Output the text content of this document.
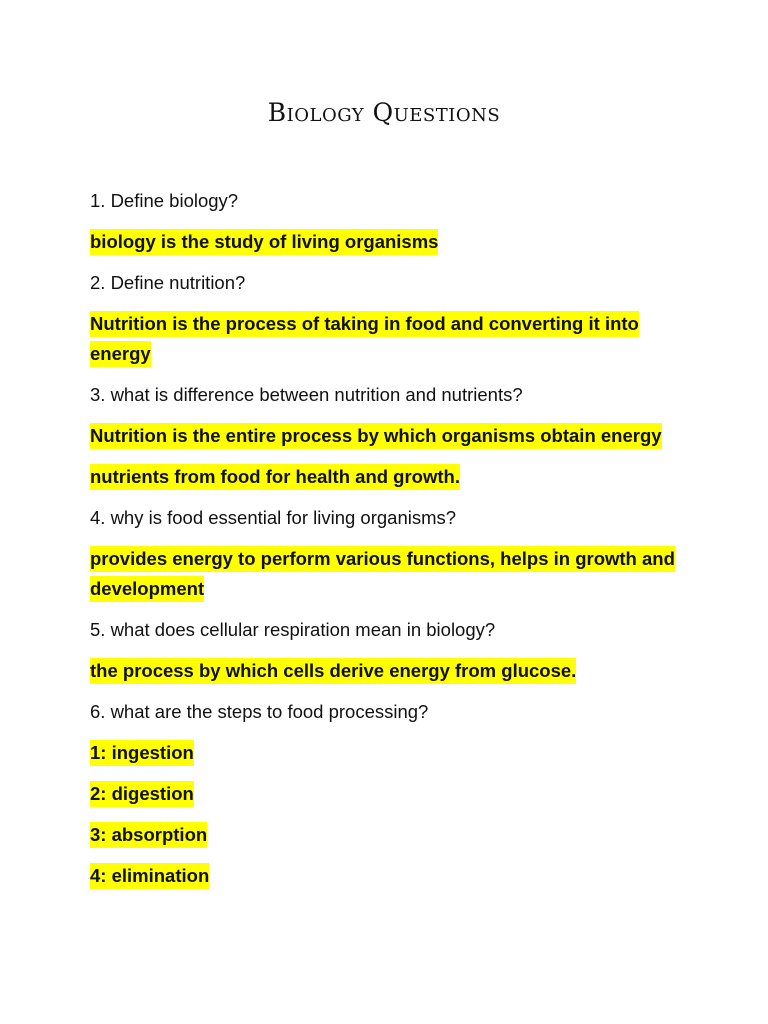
Biology Questions

1. Define biology?

biology is the study of living organisms

2. Define nutrition?

Nutrition is the process of taking in food and converting it into energy

3. what is difference between nutrition and nutrients?

Nutrition is the entire process by which organisms obtain energy

nutrients from food for health and growth.

4. why is food essential for living organisms?

provides energy to perform various functions, helps in growth and development

5. what does cellular respiration mean in biology?

the process by which cells derive energy from glucose.

6. what are the steps to food processing?

1: ingestion

2: digestion

3: absorption

4: elimination
